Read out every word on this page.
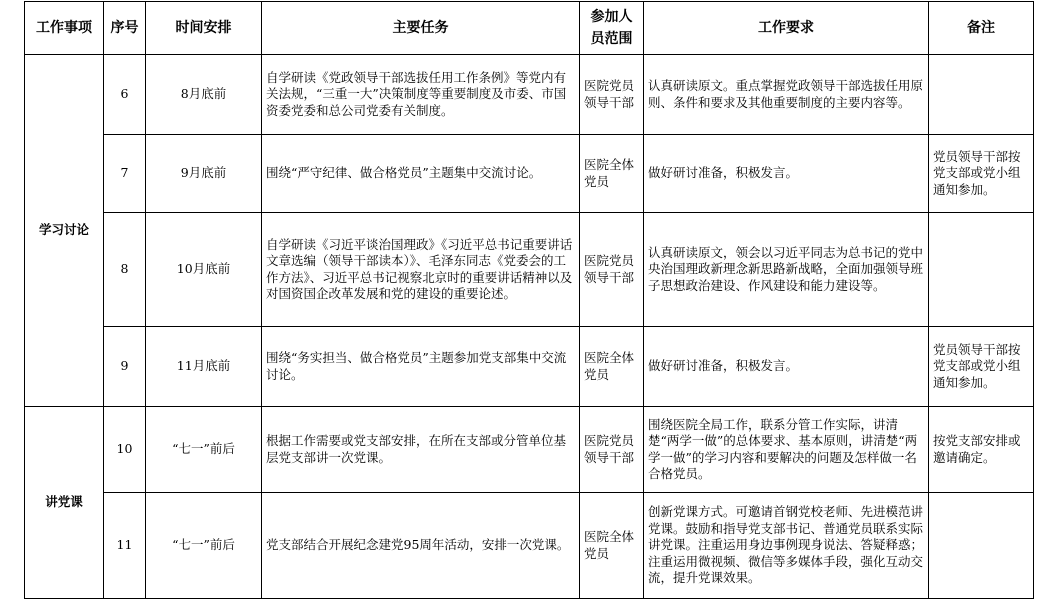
工作事项	序号	时间安排	主要任务	参加人员范围	工作要求	备注
学习讨论	6	8月底前	自学研读《党政领导干部选拔任用工作条例》等党内有关法规，“三重一大”决策制度等重要制度及市委、市国资委党委和总公司党委有关制度。	医院党员领导干部	认真研读原文。重点掌握党政领导干部选拔任用原则、条件和要求及其他重要制度的主要内容等。	
	7	9月底前	围绕“严守纪律、做合格党员”主题集中交流讨论。	医院全体党员	做好研讨准备，积极发言。	党员领导干部按党支部或党小组通知参加。
	8	10月底前	自学研读《习近平谈治国理政》《习近平总书记重要讲话文章选编（领导干部读本）》、毛泽东同志《党委会的工作方法》、习近平总书记视察北京时的重要讲话精神以及对国资国企改革发展和党的建设的重要论述。	医院党员领导干部	认真研读原文，领会以习近平同志为总书记的党中央治国理政新理念新思路新战略，全面加强领导班子思想政治建设、作风建设和能力建设等。	
	9	11月底前	围绕“务实担当、做合格党员”主题参加党支部集中交流讨论。	医院全体党员	做好研讨准备，积极发言。	党员领导干部按党支部或党小组通知参加。
讲党课	10	“七一”前后	根据工作需要或党支部安排，在所在支部或分管单位基层党支部讲一次党课。	医院党员领导干部	围绕医院全局工作，联系分管工作实际，讲清楚“两学一做”的总体要求、基本原则，讲清楚“两学一做”的学习内容和要解决的问题及怎样做一名合格党员。	按党支部安排或邀请确定。
	11	“七一”前后	党支部结合开展纪念建党95周年活动，安排一次党课。	医院全体党员	创新党课方式。可邀请首钢党校老师、先进模范讲党课。鼓励和指导党支部书记、普通党员联系实际讲党课。注重运用身边事例现身说法、答疑释惑；注重运用微视频、微信等多媒体手段，强化互动交流，提升党课效果。	
